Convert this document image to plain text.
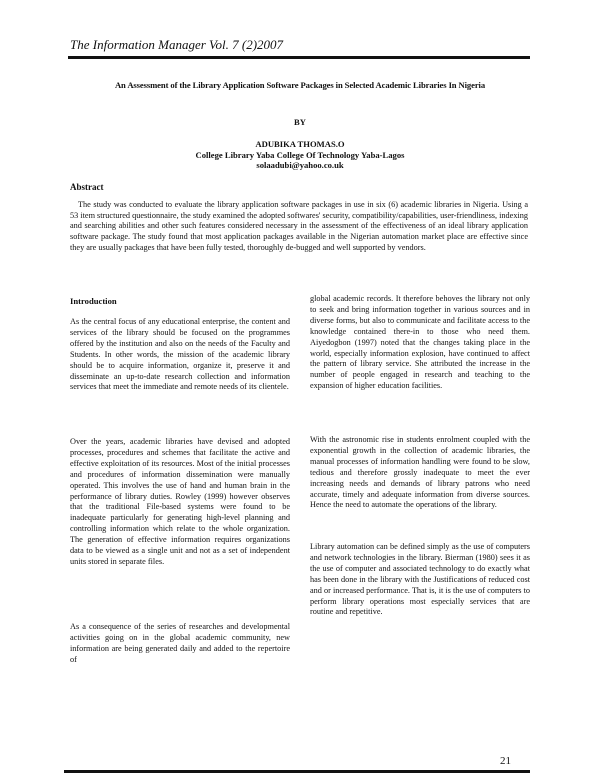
The Information Manager Vol. 7 (2)2007
An Assessment of the Library Application Software Packages in Selected Academic Libraries In Nigeria
BY
ADUBIKA THOMAS.O
College Library Yaba College Of Technology Yaba-Lagos
solaadubi@yahoo.co.uk
Abstract

The study was conducted to evaluate the library application software packages in use in six (6) academic libraries in Nigeria. Using a 53 item structured questionnaire, the study examined the adopted softwares' security, compatibility/capabilities, user-friendliness, indexing and searching abilities and other such features considered necessary in the assessment of the effectiveness of an ideal library application software package. The study found that most application packages available in the Nigerian automation market place are effective since they are usually packages that have been fully tested, thoroughly de-bugged and well supported by vendors.

Introduction

As the central focus of any educational enterprise, the content and services of the library should be focused on the programmes offered by the institution and also on the needs of the Faculty and Students. In other words, the mission of the academic library should be to acquire information, organize it, preserve it and disseminate an up-to-date research collection and information services that meet the immediate and remote needs of its clientele.

Over the years, academic libraries have devised and adopted processes, procedures and schemes that facilitate the active and effective exploitation of its resources. Most of the initial processes and procedures of information dissemination were manually operated. This involves the use of hand and human brain in the performance of library duties. Rowley (1999) however observes that the traditional File-based systems were found to be inadequate particularly for generating high-level planning and controlling information which relate to the whole organization. The generation of effective information requires organizations data to be viewed as a single unit and not as a set of independent units stored in separate files.

As a consequence of the series of researches and developmental activities going on in the global academic community, new information are being generated daily and added to the repertoire of

global academic records. It therefore behoves the library not only to seek and bring information together in various sources and in diverse forms, but also to communicate and facilitate access to the knowledge contained there-in to those who need them. Aiyedogbon (1997) noted that the changes taking place in the world, especially information explosion, have continued to affect the pattern of library service. She attributed the increase in the number of people engaged in research and teaching to the expansion of higher education facilities.

With the astronomic rise in students enrolment coupled with the exponential growth in the collection of academic libraries, the manual processes of information handling were found to be slow, tedious and therefore grossly inadequate to meet the ever increasing needs and demands of library patrons who need accurate, timely and adequate information from diverse sources. Hence the need to automate the operations of the library.

Library automation can be defined simply as the use of computers and network technologies in the library. Bierman (1980) sees it as the use of computer and associated technology to do exactly what has been done in the library with the Justifications of reduced cost and or increased performance. That is, it is the use of computers to perform library operations most especially services that are routine and repetitive.

21
